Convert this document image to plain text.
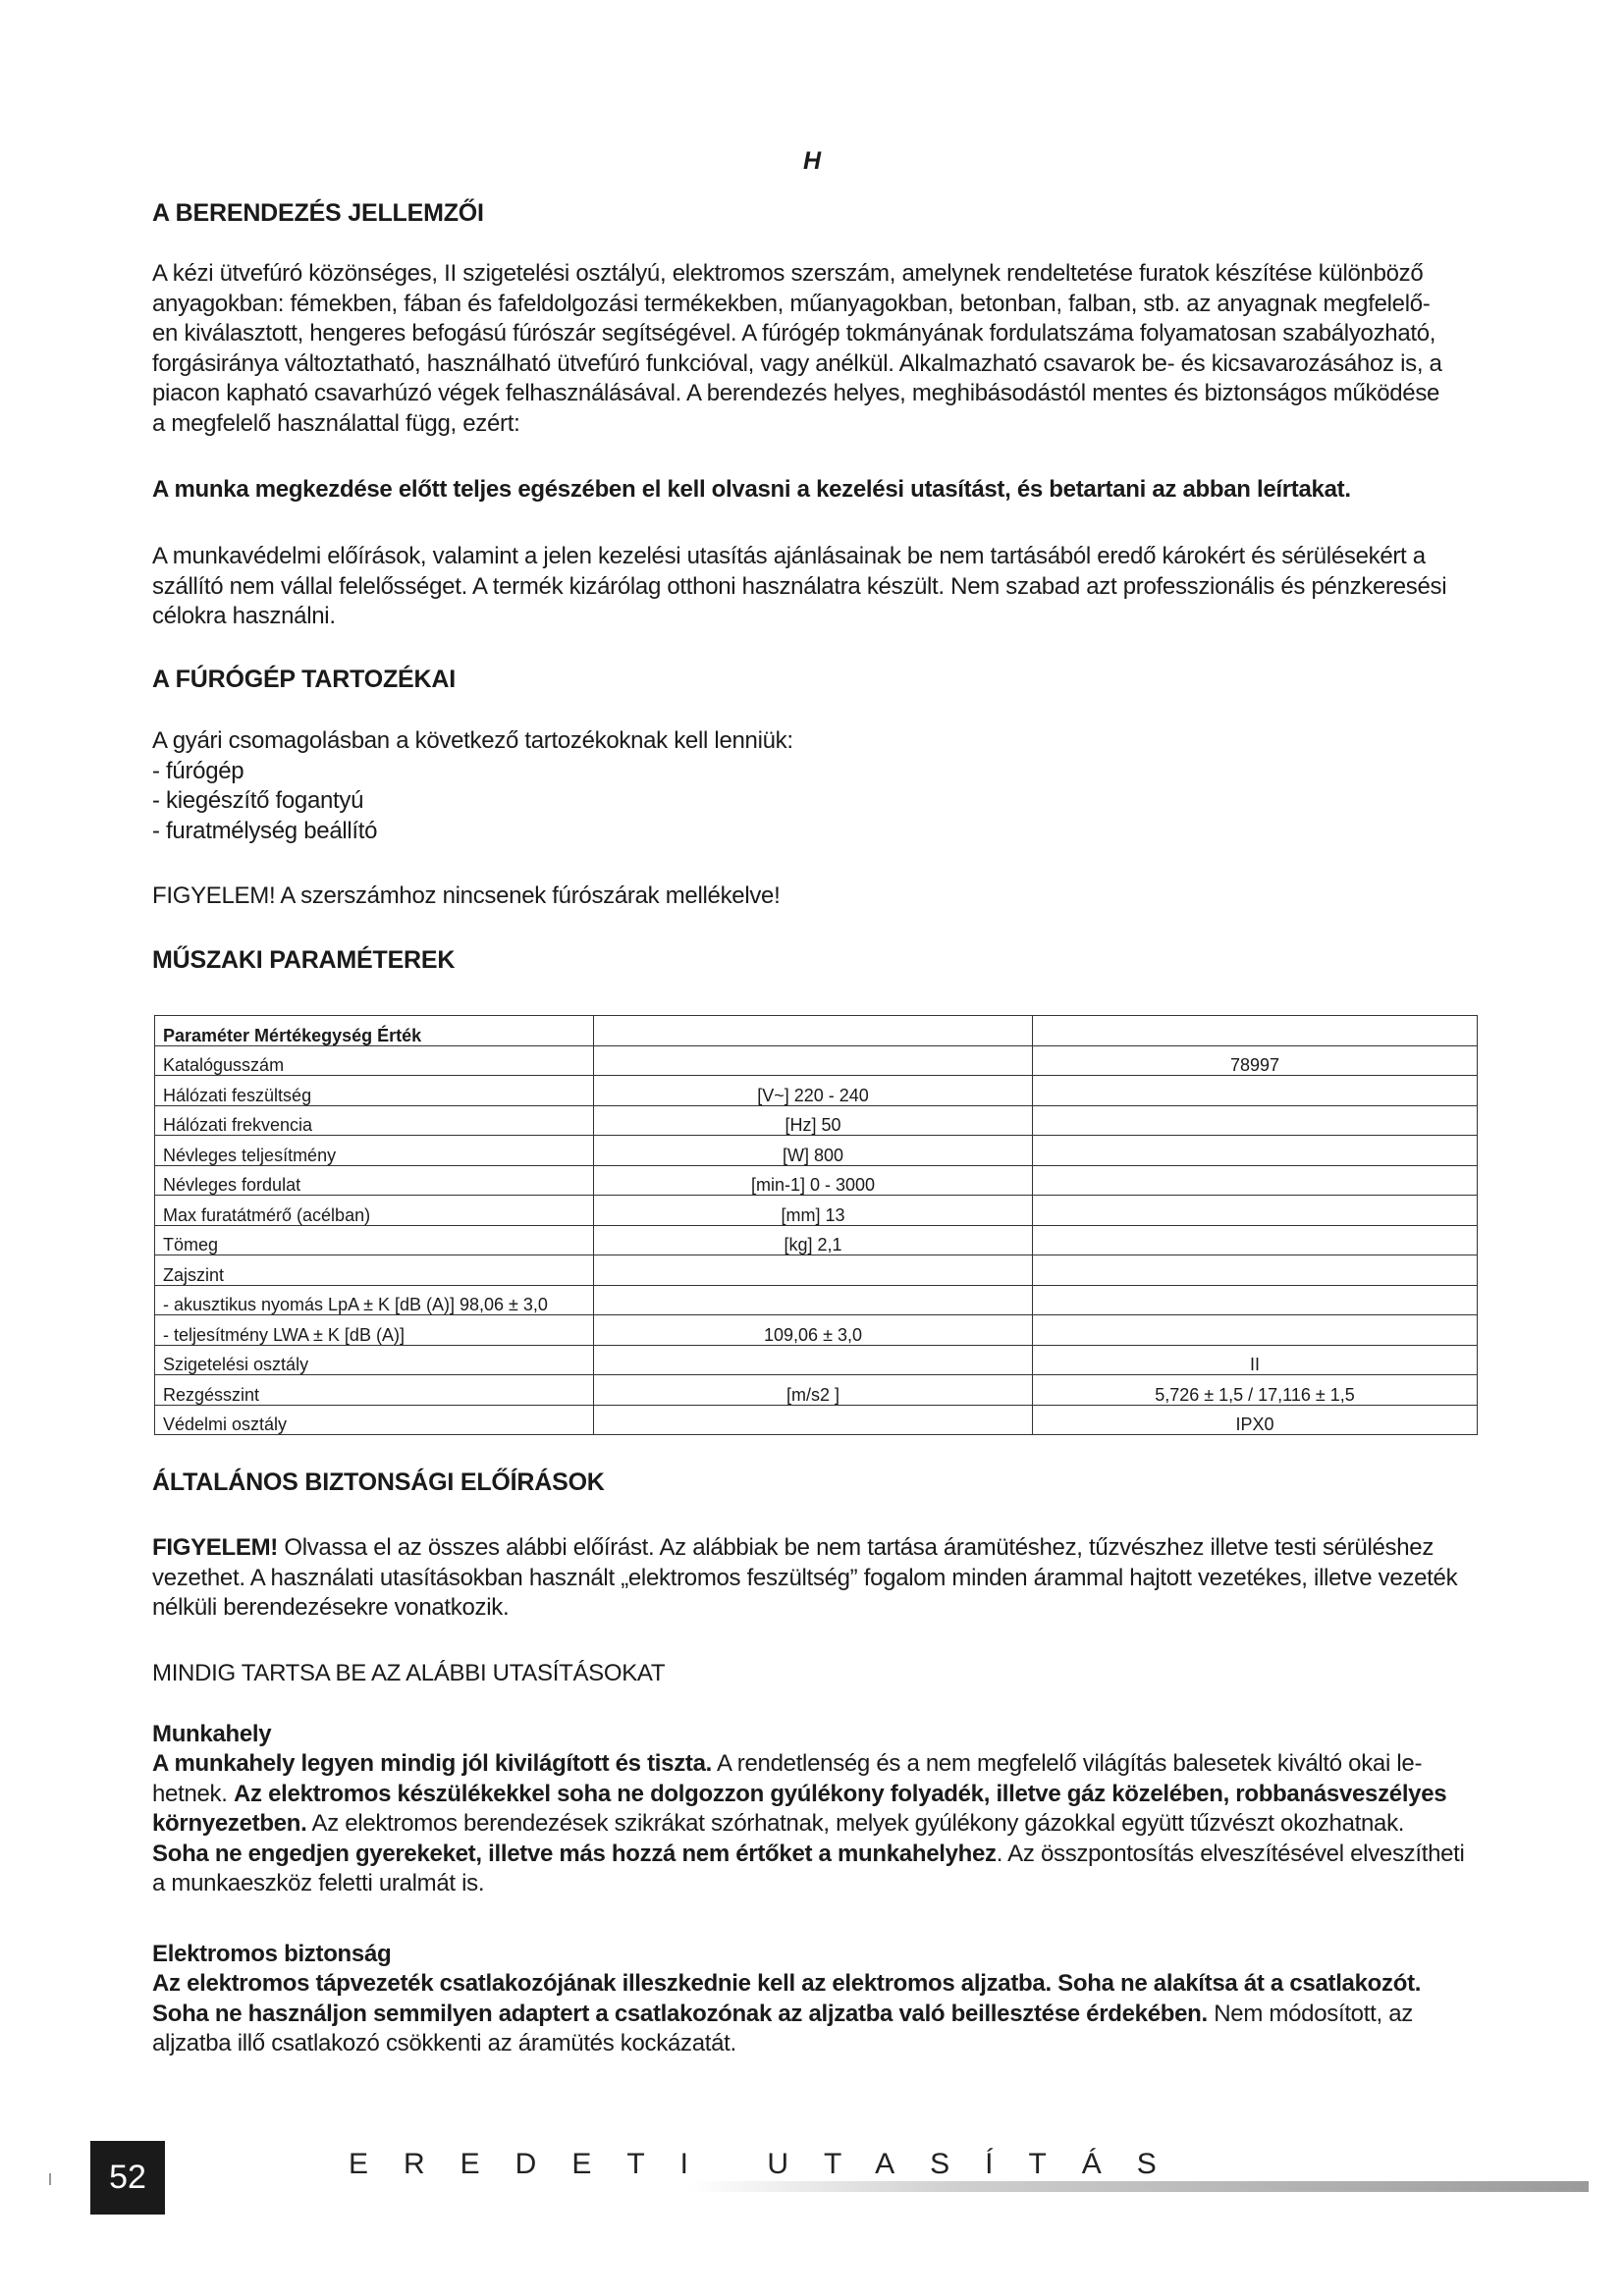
H
A BERENDEZÉS JELLEMZŐI
A kézi ütvefúró közönséges, II szigetelési osztályú, elektromos szerszám, amelynek rendeltetése furatok készítése különböző
anyagokban: fémekben, fában és fafeldolgozási termékekben, műanyagokban, betonban, falban, stb. az anyagnak megfelelő-
en kiválasztott, hengeres befogású fúrószár segítségével. A fúrógép tokmányának fordulatszáma folyamatosan szabályozható,
forgásiránya változtatható, használható ütvefúró funkcióval, vagy anélkül. Alkalmazható csavarok be- és kicsavarozásához is, a
piacon kapható csavarhúzó végek felhasználásával. A berendezés helyes, meghibásodástól mentes és biztonságos működése
a megfelelő használattal függ, ezért:
A munka megkezdése előtt teljes egészében el kell olvasni a kezelési utasítást, és betartani az abban leírtakat.
A munkavédelmi előírások, valamint a jelen kezelési utasítás ajánlásainak be nem tartásából eredő károkért és sérülésekért a
szállító nem vállal felelősséget. A termék kizárólag otthoni használatra készült. Nem szabad azt professzionális és pénzkeresési
célokra használni.
A FÚRÓGÉP TARTOZÉKAI
A gyári csomagolásban a következő tartozékoknak kell lenniük:
- fúrógép
- kiegészítő fogantyú
- furatmélység beállító
FIGYELEM! A szerszámhoz nincsenek fúrószárak mellékelve!
MŰSZAKI PARAMÉTEREK
Paraméter Mértékegység Érték		
Katalógusszám		78997
Hálózati feszültség	[V~] 220 - 240	
Hálózati frekvencia	[Hz] 50	
Névleges teljesítmény	[W] 800	
Névleges fordulat	[min-1] 0 - 3000	
Max furatátmérő (acélban)	[mm] 13	
Tömeg	[kg] 2,1	
Zajszint		
- akusztikus nyomás LpA ± K [dB (A)] 98,06 ± 3,0		
- teljesítmény LWA ± K [dB (A)]	109,06 ± 3,0	
Szigetelési osztály		II
Rezgésszint	[m/s2 ]	5,726 ± 1,5 / 17,116 ± 1,5
Védelmi osztály		IPX0
ÁLTALÁNOS BIZTONSÁGI ELŐÍRÁSOK
FIGYELEM! Olvassa el az összes alábbi előírást. Az alábbiak be nem tartása áramütéshez, tűzvészhez illetve testi sérüléshez
vezethet. A használati utasításokban használt „elektromos feszültség” fogalom minden árammal hajtott vezetékes, illetve vezeték
nélküli berendezésekre vonatkozik.
MINDIG TARTSA BE AZ ALÁBBI UTASÍTÁSOKAT
Munkahely
A munkahely legyen mindig jól kivilágított és tiszta. A rendetlenség és a nem megfelelő világítás balesetek kiváltó okai le-
hetnek. Az elektromos készülékekkel soha ne dolgozzon gyúlékony folyadék, illetve gáz közelében, robbanásveszélyes
környezetben. Az elektromos berendezések szikrákat szórhatnak, melyek gyúlékony gázokkal együtt tűzvészt okozhatnak.
Soha ne engedjen gyerekeket, illetve más hozzá nem értőket a munkahelyhez. Az összpontosítás elveszítésével elveszítheti
a munkaeszköz feletti uralmát is.
Elektromos biztonság
Az elektromos tápvezeték csatlakozójának illeszkednie kell az elektromos aljzatba. Soha ne alakítsa át a csatlakozót.
Soha ne használjon semmilyen adaptert a csatlakozónak az aljzatba való beillesztése érdekében. Nem módosított, az
aljzatba illő csatlakozó csökkenti az áramütés kockázatát.
52	EREDETI UTASÍTÁS
